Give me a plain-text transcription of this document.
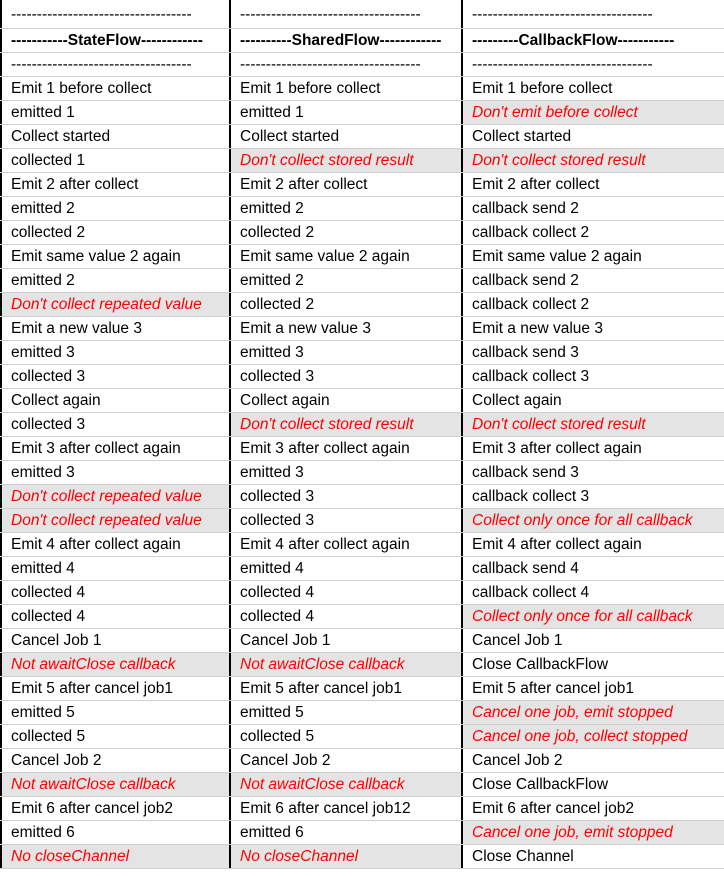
-----------------------------------	-----------------------------------	-----------------------------------
-----------StateFlow------------	----------SharedFlow------------	---------CallbackFlow-----------
-----------------------------------	-----------------------------------	-----------------------------------
Emit 1 before collect	Emit 1 before collect	Emit 1 before collect
emitted 1	emitted 1	Don't emit before collect
Collect started	Collect started	Collect started
collected 1	Don't collect stored result	Don't collect stored result
Emit 2 after collect	Emit 2 after collect	Emit 2 after collect
emitted 2	emitted 2	callback send 2
collected 2	collected 2	callback collect 2
Emit same value 2 again	Emit same value 2 again	Emit same value 2 again
emitted 2	emitted 2	callback send 2
Don't collect repeated value	collected 2	callback collect 2
Emit a new value 3	Emit a new value 3	Emit a new value 3
emitted 3	emitted 3	callback send 3
collected 3	collected 3	callback collect 3
Collect again	Collect again	Collect again
collected 3	Don't collect stored result	Don't collect stored result
Emit 3 after collect again	Emit 3 after collect again	Emit 3 after collect again
emitted 3	emitted 3	callback send 3
Don't collect repeated value	collected 3	callback collect 3
Don't collect repeated value	collected 3	Collect only once for all callback
Emit 4 after collect again	Emit 4 after collect again	Emit 4 after collect again
emitted 4	emitted 4	callback send 4
collected 4	collected 4	callback collect 4
collected 4	collected 4	Collect only once for all callback
Cancel Job 1	Cancel Job 1	Cancel Job 1
Not awaitClose callback	Not awaitClose callback	Close CallbackFlow
Emit 5 after cancel job1	Emit 5 after cancel job1	Emit 5 after cancel job1
emitted 5	emitted 5	Cancel one job, emit stopped
collected 5	collected 5	Cancel one job, collect stopped
Cancel Job 2	Cancel Job 2	Cancel Job 2
Not awaitClose callback	Not awaitClose callback	Close CallbackFlow
Emit 6 after cancel job2	Emit 6 after cancel job12	Emit 6 after cancel job2
emitted 6	emitted 6	Cancel one job, emit stopped
No closeChannel	No closeChannel	Close Channel
